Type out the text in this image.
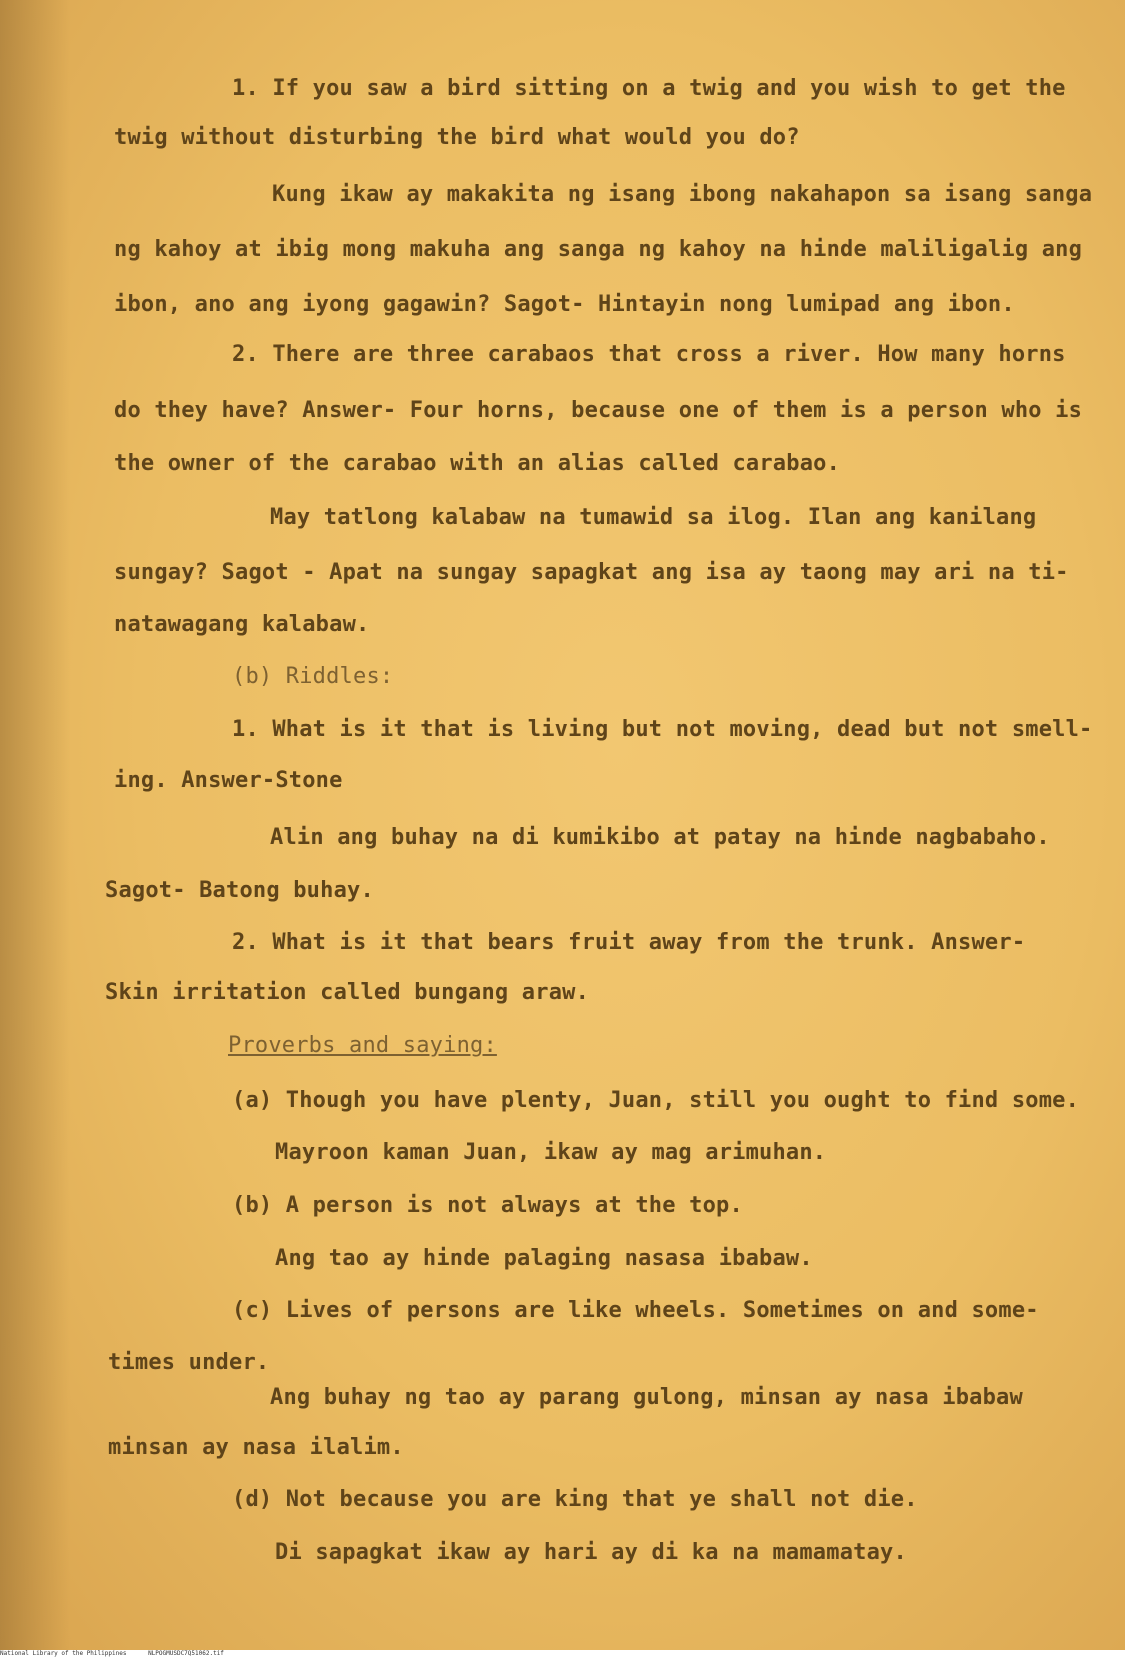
1. If you saw a bird sitting on a twig and you wish to get the
twig without disturbing the bird what would you do?
Kung ikaw ay makakita ng isang ibong nakahapon sa isang sanga
ng kahoy at ibig mong makuha ang sanga ng kahoy na hinde maliligalig ang
ibon, ano ang iyong gagawin? Sagot- Hintayin nong lumipad ang ibon.
2. There are three carabaos that cross a river. How many horns
do they have? Answer- Four horns, because one of them is a person who is
the owner of the carabao with an alias called carabao.
May tatlong kalabaw na tumawid sa ilog. Ilan ang kanilang
sungay? Sagot - Apat na sungay sapagkat ang isa ay taong may ari na ti-
natawagang kalabaw.
(b) Riddles:
1. What is it that is living but not moving, dead but not smell-
ing. Answer-Stone
Alin ang buhay na di kumikibo at patay na hinde nagbabaho.
Sagot- Batong buhay.
2. What is it that bears fruit away from the trunk. Answer-
Skin irritation called bungang araw.
Proverbs and saying:
(a) Though you have plenty, Juan, still you ought to find some.
Mayroon kaman Juan, ikaw ay mag arimuhan.
(b) A person is not always at the top.
Ang tao ay hinde palaging nasasa ibabaw.
(c) Lives of persons are like wheels. Sometimes on and some-
times under.
Ang buhay ng tao ay parang gulong, minsan ay nasa ibabaw
minsan ay nasa ilalim.
(d) Not because you are king that ye shall not die.
Di sapagkat ikaw ay hari ay di ka na mamamatay.
National Library of the Philippines	NLPOGMUSDC7Q51062.tif
